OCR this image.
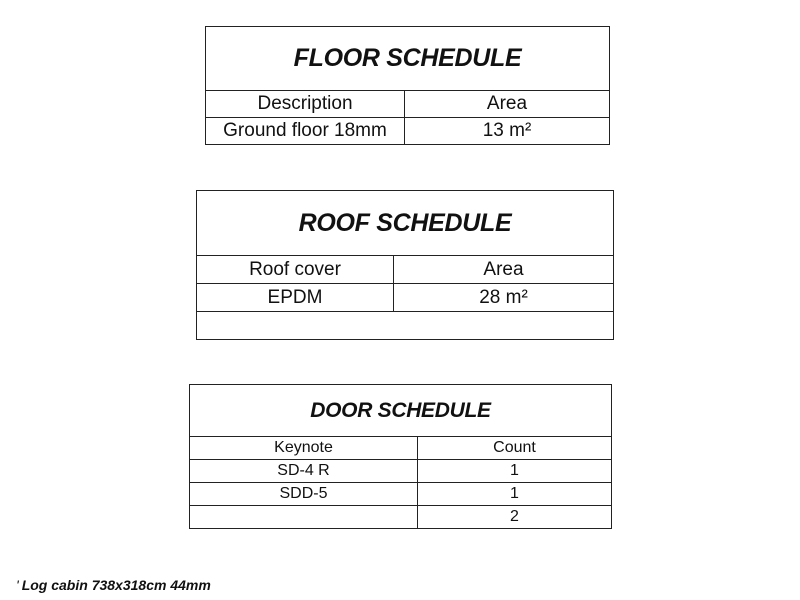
FLOOR SCHEDULE	
Description	Area
Ground floor 18mm	13 m²
ROOF SCHEDULE	
Roof cover	Area
EPDM	28 m²

DOOR SCHEDULE	
Keynote	Count
SD-4 R	1
SDD-5	1
	2
' Log cabin 738x318cm 44mm
